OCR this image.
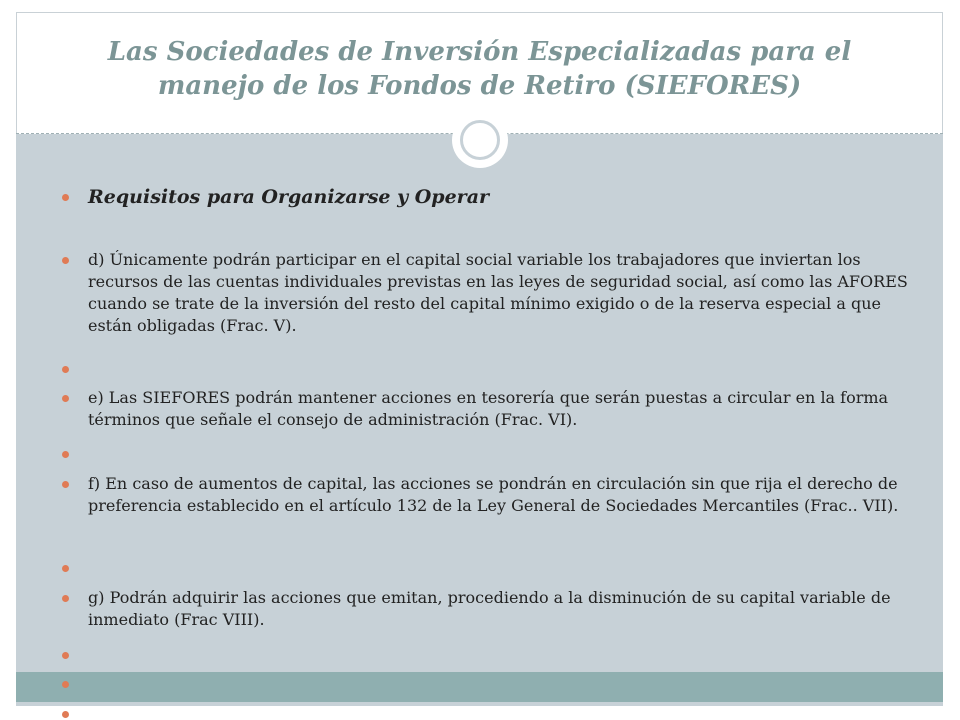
Las Sociedades de Inversión Especializadas para el manejo de los Fondos de Retiro (SIEFORES)
Requisitos para Organizarse y Operar
d) Únicamente podrán participar en el capital social variable los trabajadores que inviertan los recursos de las cuentas individuales previstas en las leyes de seguridad social, así como las AFORES cuando se trate de la inversión del resto del capital mínimo exigido o de la reserva especial a que están obligadas (Frac. V).
e) Las SIEFORES podrán mantener acciones en tesorería que serán puestas a circular en la forma términos que señale el consejo de administración (Frac. VI).
f) En caso de aumentos de capital, las acciones se pondrán en circulación sin que rija el derecho de preferencia establecido en el artículo 132 de la Ley General de Sociedades Mercantiles (Frac.. VII).
g) Podrán adquirir las acciones que emitan, procediendo a la disminución de su capital variable de inmediato (Frac VIII).
